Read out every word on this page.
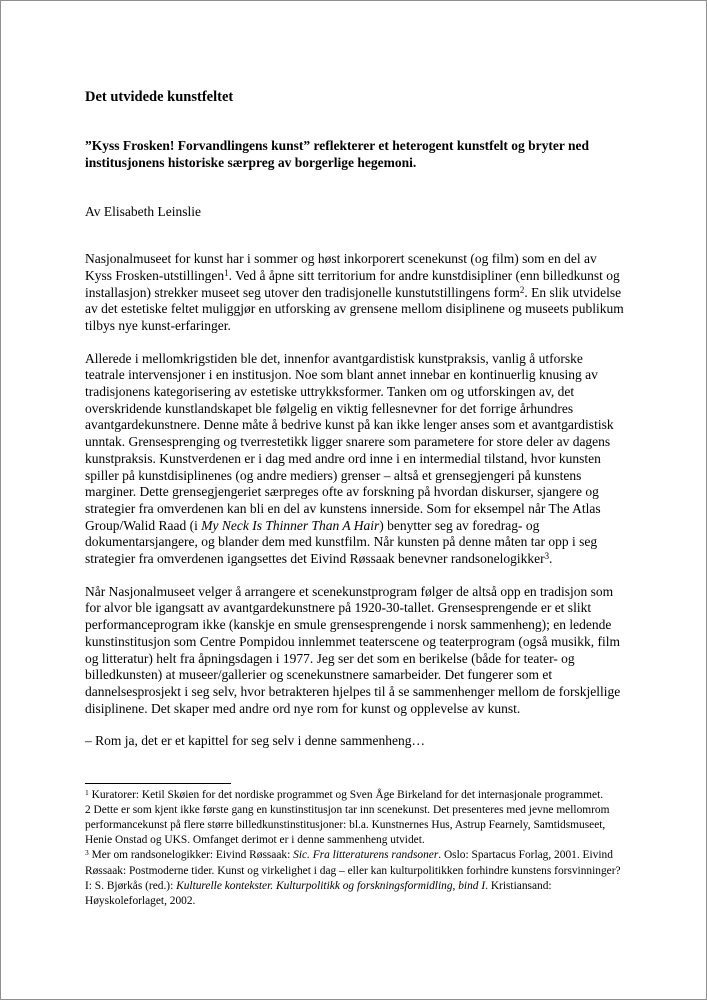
Det utvidede kunstfeltet

”Kyss Frosken! Forvandlingens kunst” reflekterer et heterogent kunstfelt og bryter ned institusjonens historiske særpreg av borgerlige hegemoni.

Av Elisabeth Leinslie

Nasjonalmuseet for kunst har i sommer og høst inkorporert scenekunst (og film) som en del av Kyss Frosken-utstillingen$^1$. Ved å åpne sitt territorium for andre kunstdisipliner (enn billedkunst og installasjon) strekker museet seg utover den tradisjonelle kunstutstillingens form$^2$. En slik utvidelse av det estetiske feltet muliggjør en utforsking av grensene mellom disiplinene og museets publikum tilbys nye kunst-erfaringer.

Allerede i mellomkrigstiden ble det, innenfor avantgardistisk kunstpraksis, vanlig å utforske teatrale intervensjoner i en institusjon. Noe som blant annet innebar en kontinuerlig knusing av tradisjonens kategorisering av estetiske uttrykksformer. Tanken om og utforskingen av, det overskridende kunstlandskapet ble følgelig en viktig fellesnevner for det forrige århundres avantgardekunstnere. Denne måte å bedrive kunst på kan ikke lenger anses som et avantgardistisk unntak. Grensesprenging og tverrestetikk ligger snarere som parametere for store deler av dagens kunstpraksis. Kunstverdenen er i dag med andre ord inne i en intermedial tilstand, hvor kunsten spiller på kunstdisiplinenes (og andre mediers) grenser – altså et grensegjengeri på kunstens marginer. Dette grensegjengeriet særpreges ofte av forskning på hvordan diskurser, sjangere og strategier fra omverdenen kan bli en del av kunstens innerside. Som for eksempel når The Atlas Group/Walid Raad (i My Neck Is Thinner Than A Hair) benytter seg av foredrag- og dokumentarsjangere, og blander dem med kunstfilm. Når kunsten på denne måten tar opp i seg strategier fra omverdenen igangsettes det Eivind Røssaak benevner randsonelogikker$^3$.

Når Nasjonalmuseet velger å arrangere et scenekunstprogram følger de altså opp en tradisjon som for alvor ble igangsatt av avantgardekunstnere på 1920-30-tallet. Grensesprengende er et slikt performanceprogram ikke (kanskje en smule grensesprengende i norsk sammenheng); en ledende kunstinstitusjon som Centre Pompidou innlemmet teaterscene og teaterprogram (også musikk, film og litteratur) helt fra åpningsdagen i 1977. Jeg ser det som en berikelse (både for teater- og billedkunsten) at museer/gallerier og scenekunstnere samarbeider. Det fungerer som et dannelsesprosjekt i seg selv, hvor betrakteren hjelpes til å se sammenhenger mellom de forskjellige disiplinene. Det skaper med andre ord nye rom for kunst og opplevelse av kunst.

– Rom ja, det er et kapittel for seg selv i denne sammenheng…

$^1$ Kuratorer: Ketil Skøien for det nordiske programmet og Sven Åge Birkeland for det internasjonale programmet.

2 Dette er som kjent ikke første gang en kunstinstitusjon tar inn scenekunst. Det presenteres med jevne mellomrom performancekunst på flere større billedkunstinstitusjoner: bl.a. Kunstnernes Hus, Astrup Fearnely, Samtidsmuseet, Henie Onstad og UKS. Omfanget derimot er i denne sammenheng utvidet.

$^3$ Mer om randsonelogikker: Eivind Røssaak: Sic. Fra litteraturens randsoner. Oslo: Spartacus Forlag, 2001. Eivind Røssaak: Postmoderne tider. Kunst og virkelighet i dag – eller kan kulturpolitikken forhindre kunstens forsvinninger? I: S. Bjørkås (red.): Kulturelle kontekster. Kulturpolitikk og forskningsformidling, bind I. Kristiansand: Høyskoleforlaget, 2002.
